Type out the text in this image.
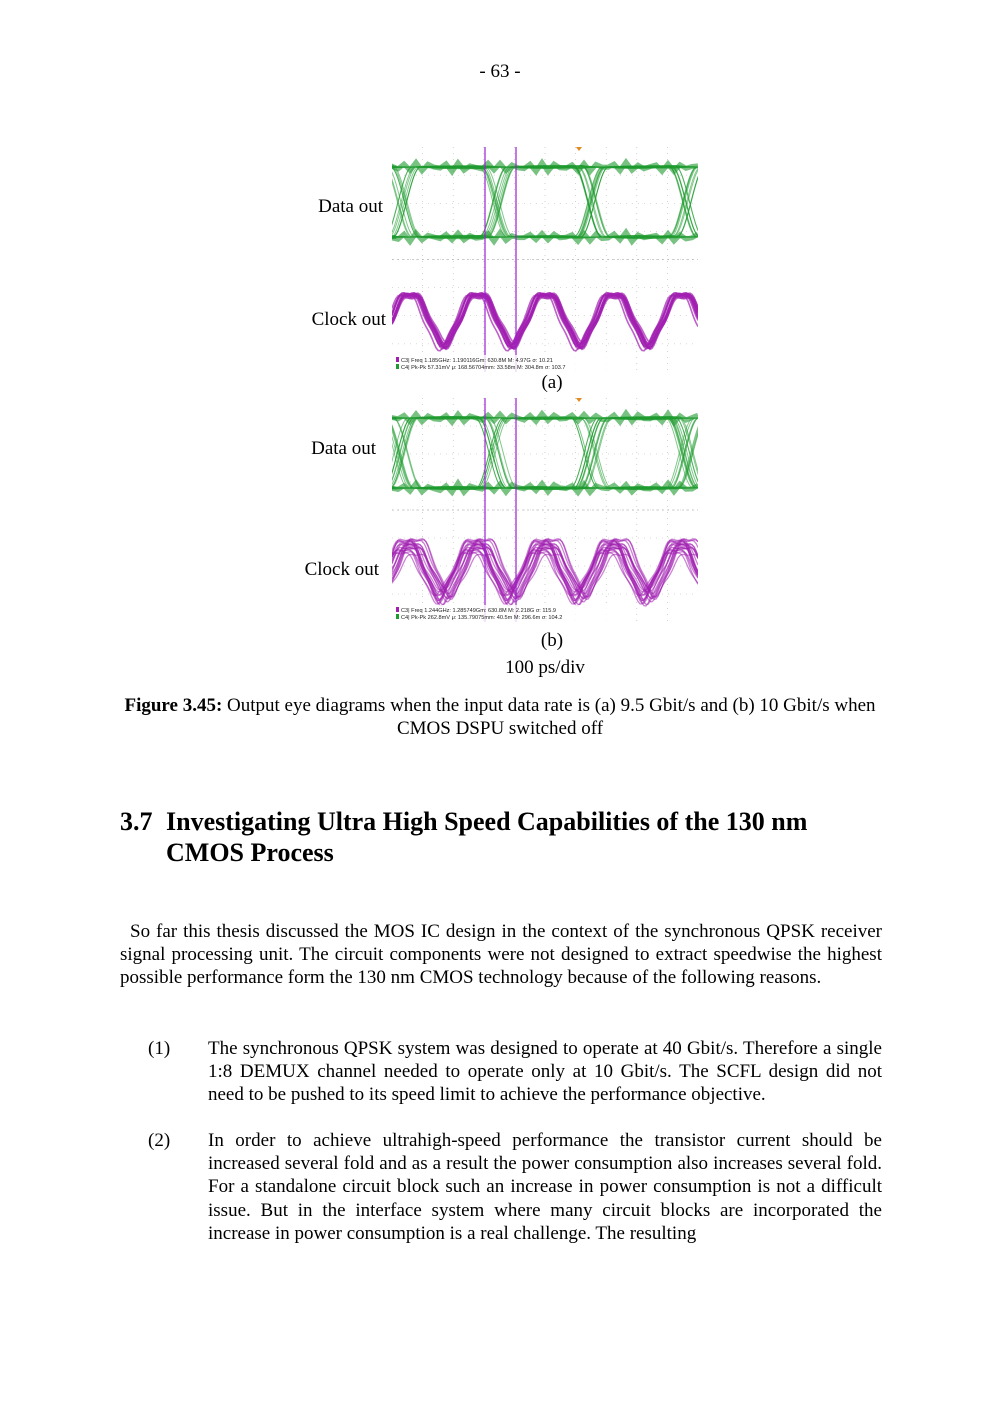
- 63 -
Data out
Clock out
C3| Freq 1.185GHz: 1.190116Gm: 630.8M M: 4.97G σ: 10.21
C4| Pk-Pk 57.31mV μ: 168.56704mm: 33.58m M: 304.8m σ: 103.7
(a)
Data out
Clock out
C3| Freq 1.244GHz: 1.285749Gm: 630.8M M: 2.218G σ: 115.9
C4| Pk-Pk 262.8mV μ: 135.79075mm: 40.5m M: 296.6m σ: 104.2
(b)
100 ps/div
Figure 3.45: Output eye diagrams when the input data rate is (a) 9.5 Gbit/s and (b) 10 Gbit/s when CMOS DSPU switched off
3.7 Investigating Ultra High Speed Capabilities of the 130 nm
CMOS Process
So far this thesis discussed the MOS IC design in the context of the synchronous QPSK receiver signal processing unit. The circuit components were not designed to extract speedwise the highest possible performance form the 130 nm CMOS technology because of the following reasons.
(1) The synchronous QPSK system was designed to operate at 40 Gbit/s. Therefore a single 1:8 DEMUX channel needed to operate only at 10 Gbit/s. The SCFL design did not need to be pushed to its speed limit to achieve the performance objective.
(2) In order to achieve ultrahigh-speed performance the transistor current should be increased several fold and as a result the power consumption also increases several fold. For a standalone circuit block such an increase in power consumption is not a difficult issue. But in the interface system where many circuit blocks are incorporated the increase in power consumption is a real challenge. The resulting
